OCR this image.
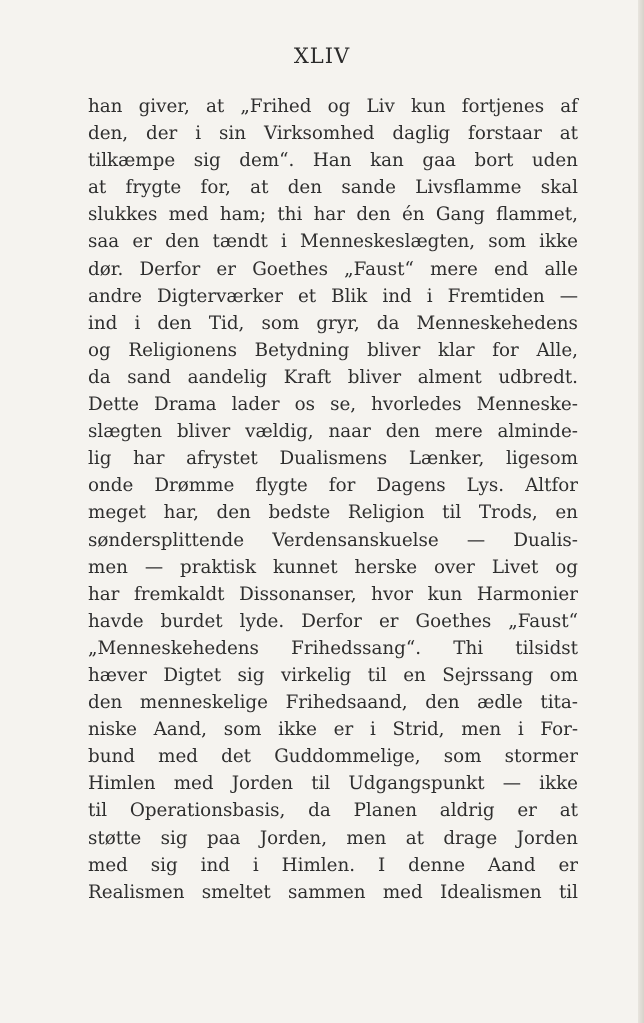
XLIV
han giver, at „Frihed og Liv kun fortjenes af
den, der i sin Virksomhed daglig forstaar at
tilkæmpe sig dem“. Han kan gaa bort uden
at frygte for, at den sande Livsflamme skal
slukkes med ham; thi har den én Gang flammet,
saa er den tændt i Menneskeslægten, som ikke
dør. Derfor er Goethes „Faust“ mere end alle
andre Digterværker et Blik ind i Fremtiden —
ind i den Tid, som gryr, da Menneskehedens
og Religionens Betydning bliver klar for Alle,
da sand aandelig Kraft bliver alment udbredt.
Dette Drama lader os se, hvorledes Menneske-
slægten bliver vældig, naar den mere alminde-
lig har afrystet Dualismens Lænker, ligesom
onde Drømme flygte for Dagens Lys. Altfor
meget har, den bedste Religion til Trods, en
søndersplittende Verdensanskuelse — Dualis-
men — praktisk kunnet herske over Livet og
har fremkaldt Dissonanser, hvor kun Harmonier
havde burdet lyde. Derfor er Goethes „Faust“
„Menneskehedens Frihedssang“. Thi tilsidst
hæver Digtet sig virkelig til en Sejrssang om
den menneskelige Frihedsaand, den ædle tita-
niske Aand, som ikke er i Strid, men i For-
bund med det Guddommelige, som stormer
Himlen med Jorden til Udgangspunkt — ikke
til Operationsbasis, da Planen aldrig er at
støtte sig paa Jorden, men at drage Jorden
med sig ind i Himlen. I denne Aand er
Realismen smeltet sammen med Idealismen til
